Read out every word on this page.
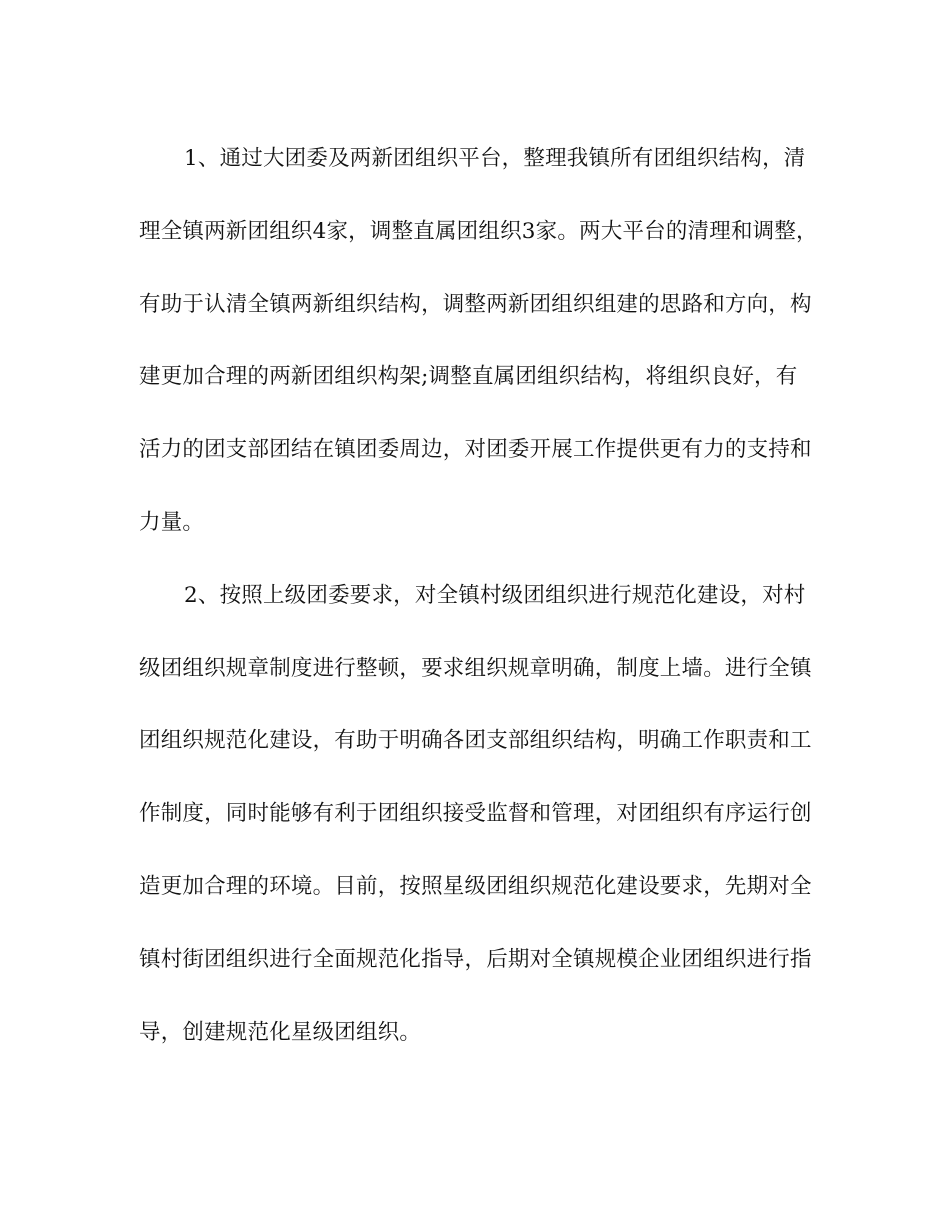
1、通过大团委及两新团组织平台，整理我镇所有团组织结构，清
理全镇两新团组织4家，调整直属团组织3家。两大平台的清理和调整，
有助于认清全镇两新组织结构，调整两新团组织组建的思路和方向，构
建更加合理的两新团组织构架;调整直属团组织结构，将组织良好，有
活力的团支部团结在镇团委周边，对团委开展工作提供更有力的支持和
力量。
2、按照上级团委要求，对全镇村级团组织进行规范化建设，对村
级团组织规章制度进行整顿，要求组织规章明确，制度上墙。进行全镇
团组织规范化建设，有助于明确各团支部组织结构，明确工作职责和工
作制度，同时能够有利于团组织接受监督和管理，对团组织有序运行创
造更加合理的环境。目前，按照星级团组织规范化建设要求，先期对全
镇村街团组织进行全面规范化指导，后期对全镇规模企业团组织进行指
导，创建规范化星级团组织。
